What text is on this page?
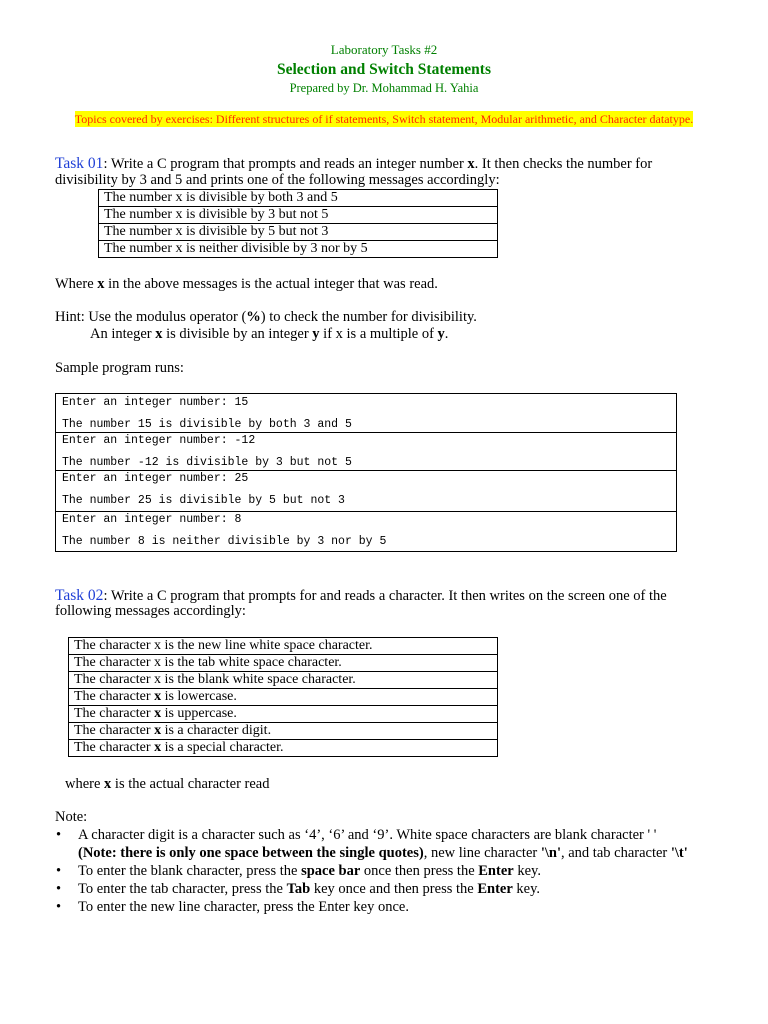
Laboratory Tasks #2
Selection and Switch Statements
Prepared by Dr. Mohammad H. Yahia
Topics covered by exercises: Different structures of if statements, Switch statement, Modular arithmetic, and Character datatype.
Task 01: Write a C program that prompts and reads an integer number x. It then checks the number for
divisibility by 3 and 5 and prints one of the following messages accordingly:
The number x is divisible by both 3 and 5
The number x is divisible by 3 but not 5
The number x is divisible by 5 but not 3
The number x is neither divisible by 3 nor by 5
Where x in the above messages is the actual integer that was read.
Hint: Use the modulus operator (%) to check the number for divisibility.
An integer x is divisible by an integer y if x is a multiple of y.
Sample program runs:
Enter an integer number: 15
The number 15 is divisible by both 3 and 5
Enter an integer number: -12
The number -12 is divisible by 3 but not 5
Enter an integer number: 25
The number 25 is divisible by 5 but not 3
Enter an integer number: 8
The number 8 is neither divisible by 3 nor by 5
Task 02: Write a C program that prompts for and reads a character. It then writes on the screen one of the
following messages accordingly:
The character x is the new line white space character.
The character x is the tab white space character.
The character x is the blank white space character.
The character x is lowercase.
The character x is uppercase.
The character x is a character digit.
The character x is a special character.
where x is the actual character read
Note:
• A character digit is a character such as ‘4’, ‘6’ and ‘9’. White space characters are blank character ' '
(Note: there is only one space between the single quotes), new line character '\n', and tab character '\t'
• To enter the blank character, press the space bar once then press the Enter key.
• To enter the tab character, press the Tab key once and then press the Enter key.
• To enter the new line character, press the Enter key once.
